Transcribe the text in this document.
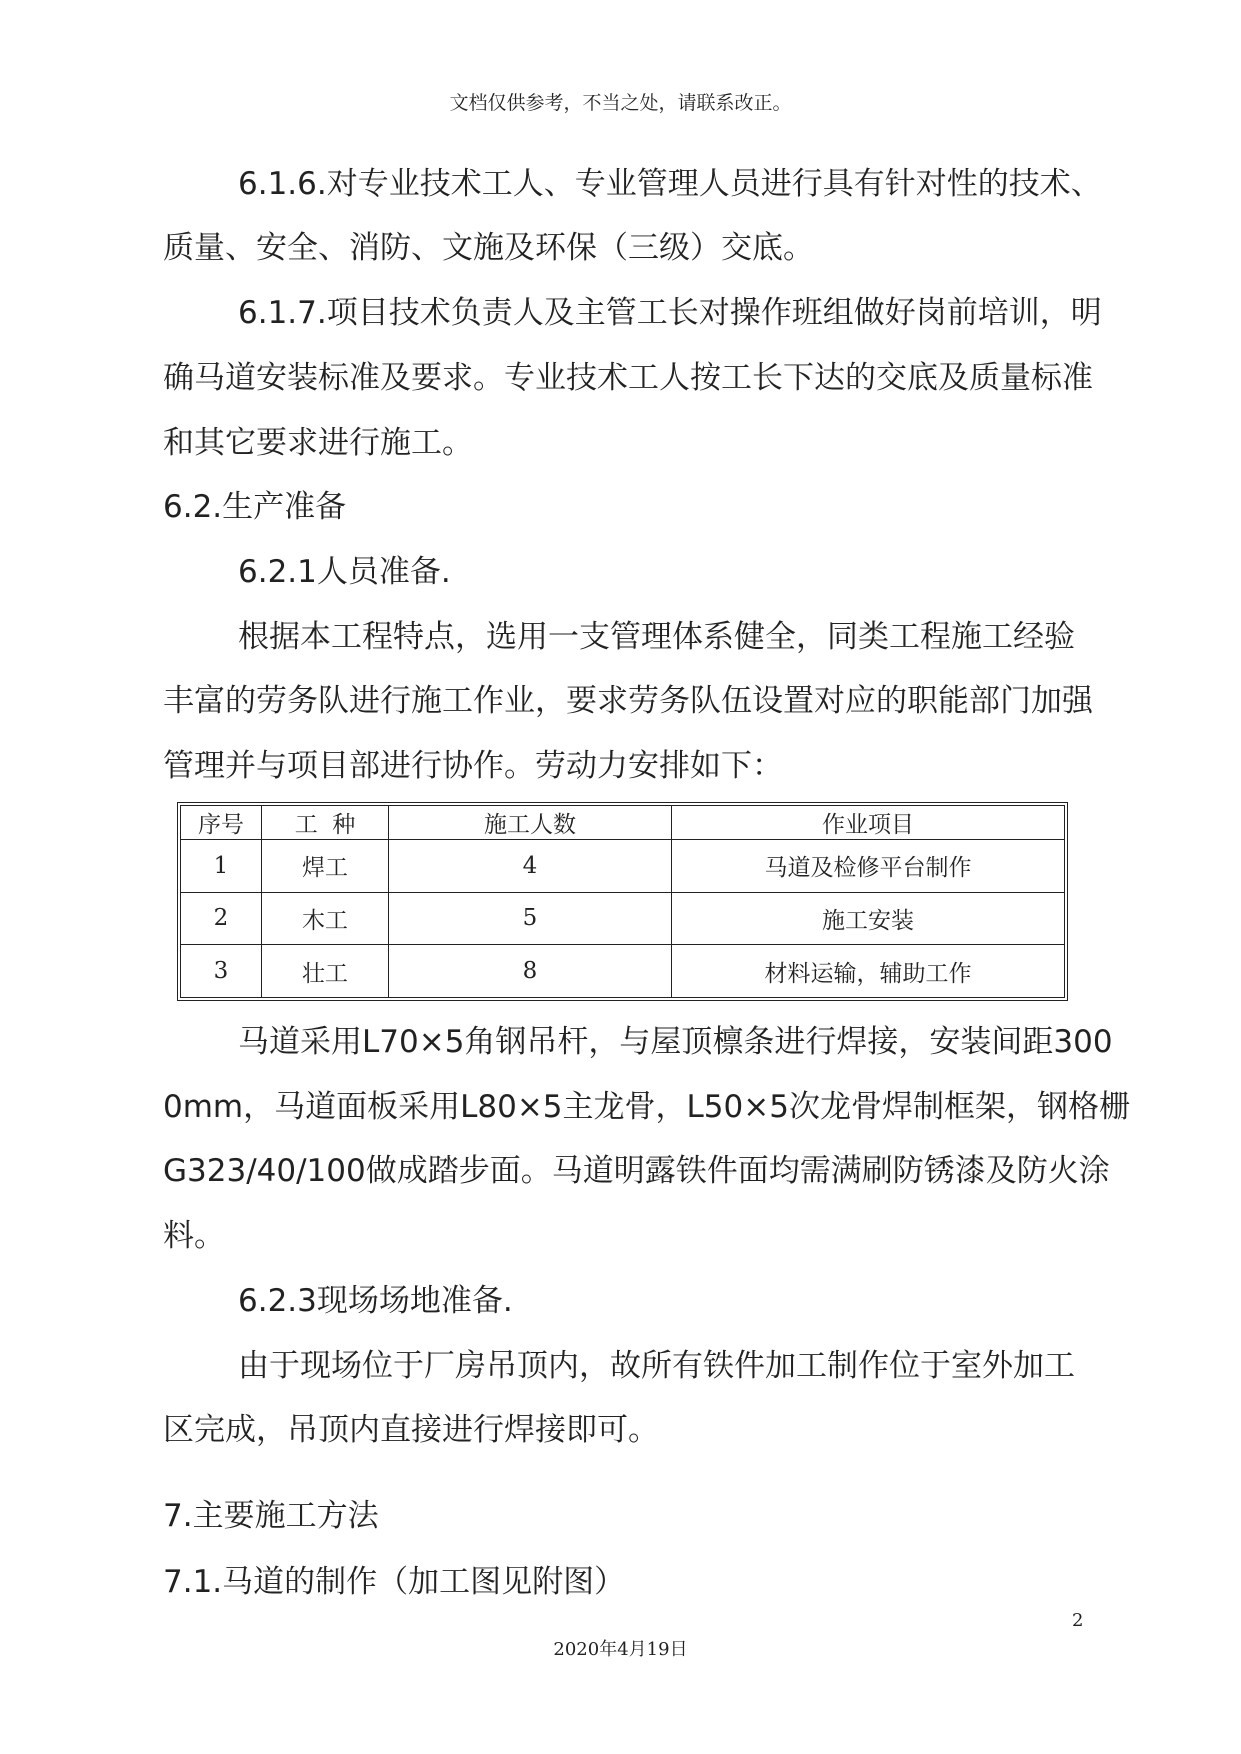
文档仅供参考，不当之处，请联系改正。
6.1.6.对专业技术工人、专业管理人员进行具有针对性的技术、
质量、安全、消防、文施及环保（三级）交底。
6.1.7.项目技术负责人及主管工长对操作班组做好岗前培训，明
确马道安装标准及要求。专业技术工人按工长下达的交底及质量标准
和其它要求进行施工。
6.2.生产准备
6.2.1人员准备.
根据本工程特点，选用一支管理体系健全，同类工程施工经验
丰富的劳务队进行施工作业，要求劳务队伍设置对应的职能部门加强
管理并与项目部进行协作。劳动力安排如下：
序号	工  种	施工人数	作业项目
1	焊工	4	马道及检修平台制作
2	木工	5	施工安装
3	壮工	8	材料运输，辅助工作
马道采用L70×5角钢吊杆，与屋顶檩条进行焊接，安装间距300
0mm，马道面板采用L80×5主龙骨，L50×5次龙骨焊制框架，钢格栅
G323/40/100做成踏步面。马道明露铁件面均需满刷防锈漆及防火涂
料。
6.2.3现场场地准备.
由于现场位于厂房吊顶内，故所有铁件加工制作位于室外加工
区完成，吊顶内直接进行焊接即可。
7.主要施工方法
7.1.马道的制作（加工图见附图）
2
2020年4月19日
